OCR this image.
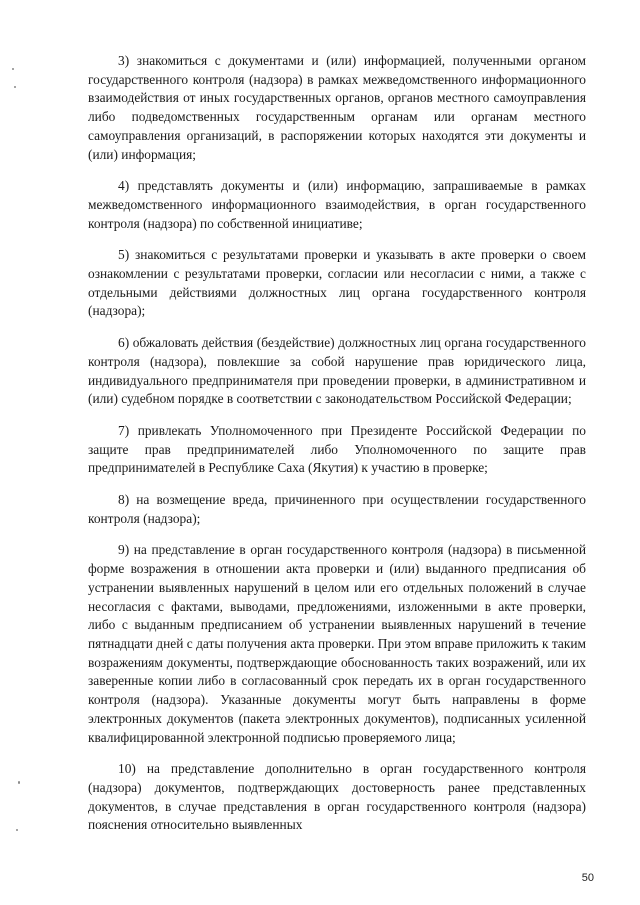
3) знакомиться с документами и (или) информацией, полученными органом государственного контроля (надзора) в рамках межведомственного информационного взаимодействия от иных государственных органов, органов местного самоуправления либо подведомственных государственным органам или органам местного самоуправления организаций, в распоряжении которых находятся эти документы и (или) информация;

4) представлять документы и (или) информацию, запрашиваемые в рамках межведомственного информационного взаимодействия, в орган государственного контроля (надзора) по собственной инициативе;

5) знакомиться с результатами проверки и указывать в акте проверки о своем ознакомлении с результатами проверки, согласии или несогласии с ними, а также с отдельными действиями должностных лиц органа государственного контроля (надзора);

6) обжаловать действия (бездействие) должностных лиц органа государственного контроля (надзора), повлекшие за собой нарушение прав юридического лица, индивидуального предпринимателя при проведении проверки, в административном и (или) судебном порядке в соответствии с законодательством Российской Федерации;

7) привлекать Уполномоченного при Президенте Российской Федерации по защите прав предпринимателей либо Уполномоченного по защите прав предпринимателей в Республике Саха (Якутия) к участию в проверке;

8) на возмещение вреда, причиненного при осуществлении государственного контроля (надзора);

9) на представление в орган государственного контроля (надзора) в письменной форме возражения в отношении акта проверки и (или) выданного предписания об устранении выявленных нарушений в целом или его отдельных положений в случае несогласия с фактами, выводами, предложениями, изложенными в акте проверки, либо с выданным предписанием об устранении выявленных нарушений в течение пятнадцати дней с даты получения акта проверки. При этом вправе приложить к таким возражениям документы, подтверждающие обоснованность таких возражений, или их заверенные копии либо в согласованный срок передать их в орган государственного контроля (надзора). Указанные документы могут быть направлены в форме электронных документов (пакета электронных документов), подписанных усиленной квалифицированной электронной подписью проверяемого лица;

10) на представление дополнительно в орган государственного контроля (надзора) документов, подтверждающих достоверность ранее представленных документов, в случае представления в орган государственного контроля (надзора) пояснения относительно выявленных

50
